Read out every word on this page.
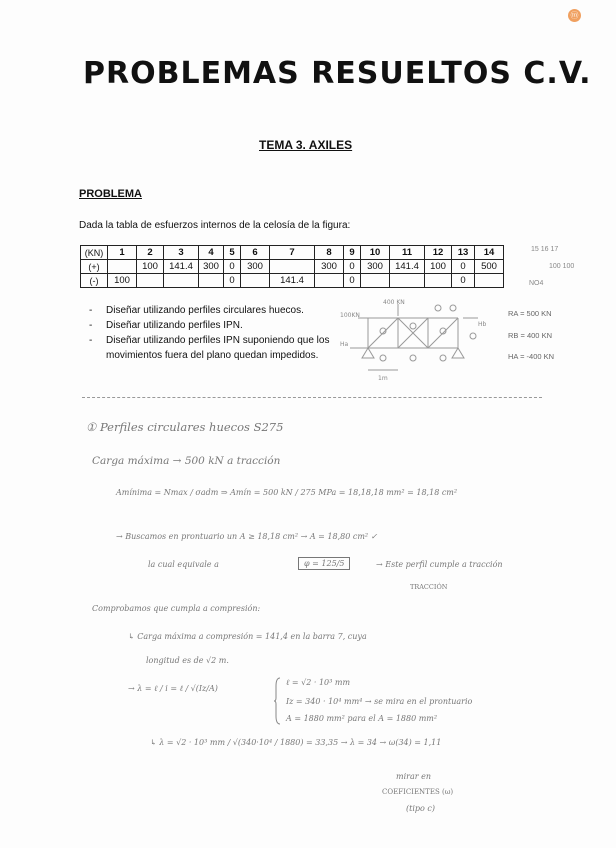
ⓜ
PROBLEMAS RESUELTOS C.V.
TEMA 3. AXILES
PROBLEMA
Dada la tabla de esfuerzos internos de la celosía de la figura:
(KN)	1	2	3	4	5	6	7	8	9	10	11	12	13	14
(+)		100	141.4	300	0	300		300	0	300	141.4	100	0	500
(-)	100				0		141.4		0				0	
15 16 17
100 100
NO4
- Diseñar utilizando perfiles circulares huecos.
- Diseñar utilizando perfiles IPN.
- Diseñar utilizando perfiles IPN suponiendo que los movimientos fuera del plano quedan impedidos.
100KN
400 KN
Hb
Ha
1m
RA = 500 KN
RB = 400 KN
HA = -400 KN
① Perfiles circulares huecos S275
Carga máxima → 500 kN a tracción
Amínima = Nmax / σadm ⇒ Amín = 500 kN / 275 MPa = 18,18,18 mm² = 18,18 cm²
→ Buscamos en prontuario un A ≥ 18,18 cm² → A = 18,80 cm² ✓
la cual equivale a	φ = 125/5	→ Este perfil cumple a tracción
TRACCIÓN
Comprobamos que cumpla a compresión:
↳ Carga máxima a compresión = 141,4 en la barra 7, cuya
longitud es de √2 m.
→ λ = ℓ / i = ℓ / √(Iz/A)
ℓ = √2 · 10³ mm
Iz = 340 · 10⁴ mm⁴ → se mira en el prontuario
A = 1880 mm² para el A = 1880 mm²
↳ λ = √2 · 10³ mm / √(340·10⁴ / 1880) = 33,35 → λ = 34 → ω(34) = 1,11
mirar en
COEFICIENTES (ω)
(tipo c)
